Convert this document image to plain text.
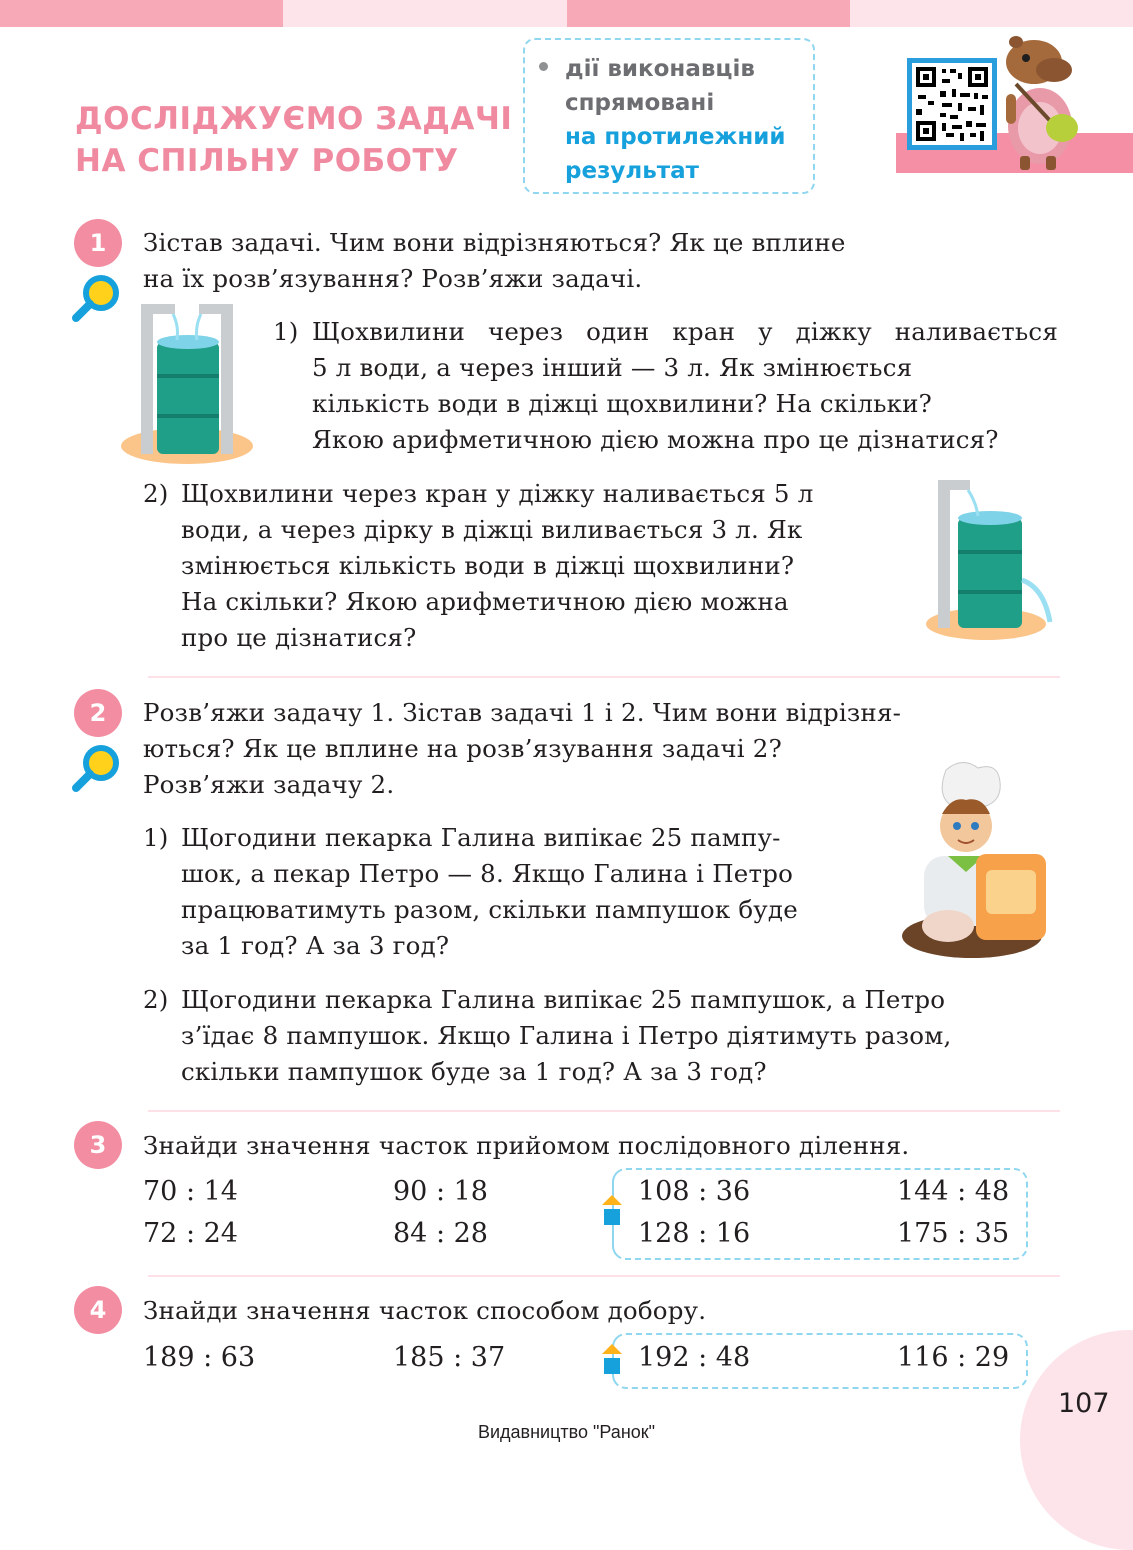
ДОСЛІДЖУЄМО ЗАДАЧІ
НА СПІЛЬНУ РОБОТУ
дії виконавців
спрямовані
на протилежний
результат
1	Зістав задачі. Чим вони відрізняються? Як це вплине
на їх розв’язування? Розв’яжи задачі.
1) Щохвилини через один кран у діжку наливається
5 л води, а через інший — 3 л. Як змінюється
кількість води в діжці щохвилини? На скільки?
Якою арифметичною дією можна про це дізнатися?
2) Щохвилини через кран у діжку наливається 5 л
води, а через дірку в діжці виливається 3 л. Як
змінюється кількість води в діжці щохвилини?
На скільки? Якою арифметичною дією можна
про це дізнатися?
2	Розв’яжи задачу 1. Зістав задачі 1 і 2. Чим вони відрізня-
ються? Як це вплине на розв’язування задачі 2?
Розв’яжи задачу 2.
1) Щогодини пекарка Галина випікає 25 пампу-
шок, а пекар Петро — 8. Якщо Галина і Петро
працюватимуть разом, скільки пампушок буде
за 1 год? А за 3 год?
2) Щогодини пекарка Галина випікає 25 пампушок, а Петро
з’їдає 8 пампушок. Якщо Галина і Петро діятимуть разом,
скільки пампушок буде за 1 год? А за 3 год?
3	Знайди значення часток прийомом послідовного ділення.
70 : 14	90 : 18	108 : 36	144 : 48
72 : 24	84 : 28	128 : 16	175 : 35
4	Знайди значення часток способом добору.
189 : 63	185 : 37	192 : 48	116 : 29
107
Видавництво "Ранок"
